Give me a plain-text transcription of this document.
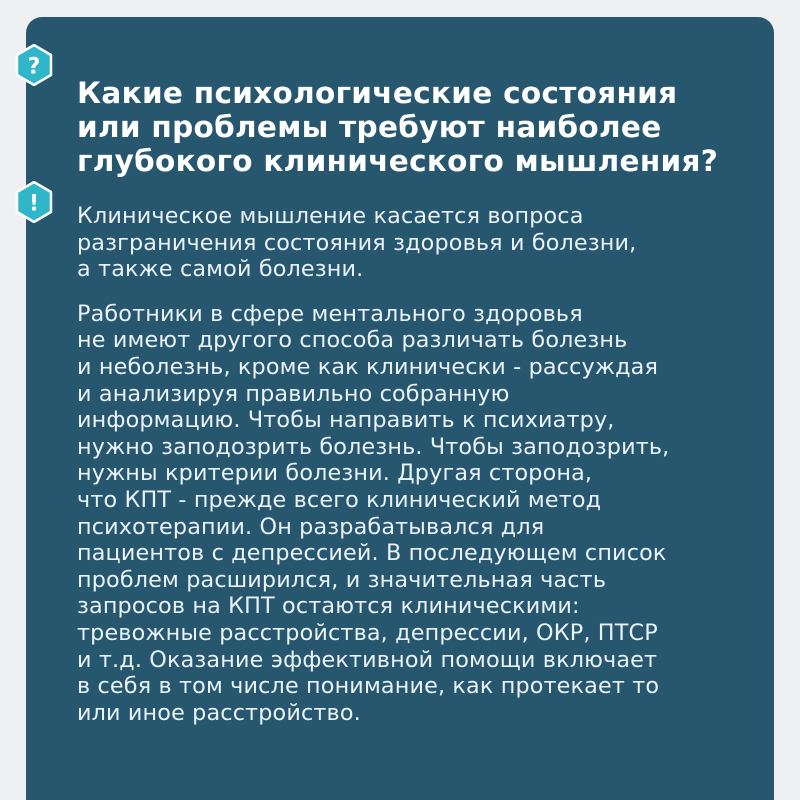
?
Какие психологические состояния
или проблемы требуют наиболее
глубокого клинического мышления?
! Клиническое мышление касается вопроса
разграничения состояния здоровья и болезни,
а также самой болезни.

Работники в сфере ментального здоровья
не имеют другого способа различать болезнь
и неболезнь, кроме как клинически - рассуждая
и анализируя правильно собранную
информацию. Чтобы направить к психиатру,
нужно заподозрить болезнь. Чтобы заподозрить,
нужны критерии болезни. Другая сторона,
что КПТ - прежде всего клинический метод
психотерапии. Он разрабатывался для
пациентов с депрессией. В последующем список
проблем расширился, и значительная часть
запросов на КПТ остаются клиническими:
тревожные расстройства, депрессии, ОКР, ПТСР
и т.д. Оказание эффективной помощи включает
в себя в том числе понимание, как протекает то
или иное расстройство.
